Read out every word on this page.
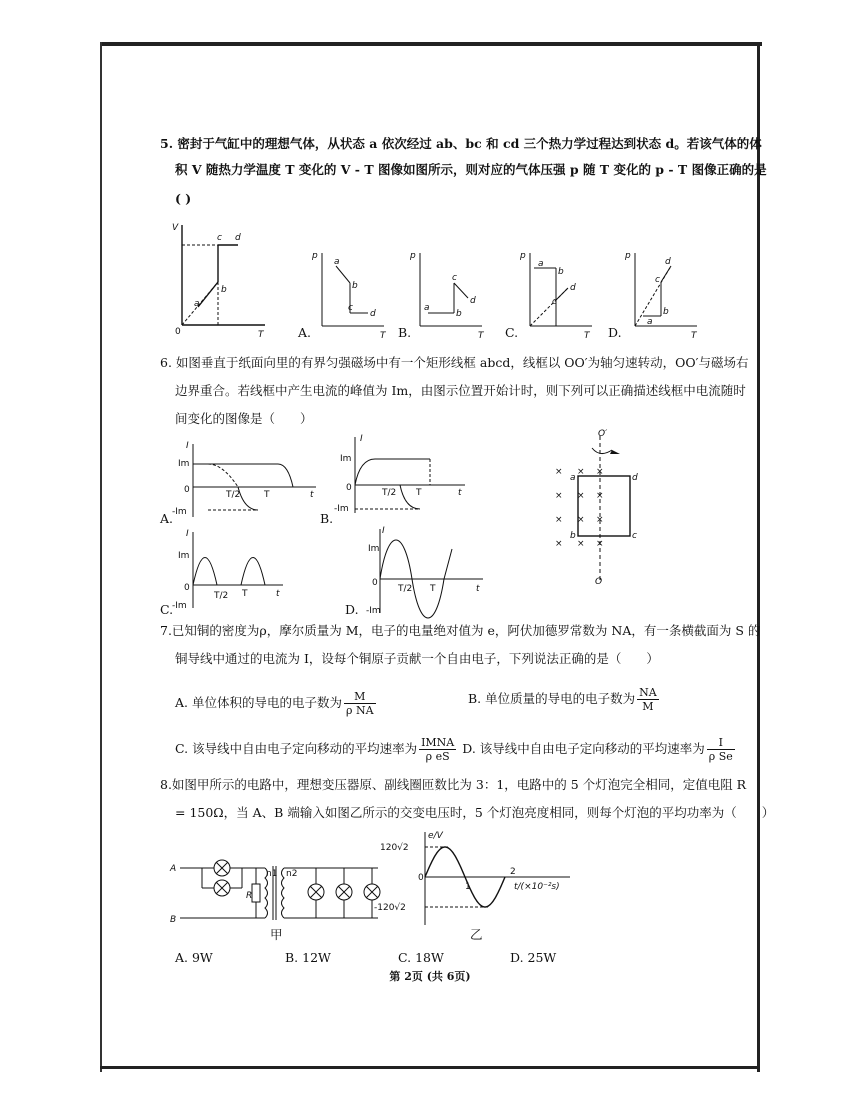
5. 密封于气缸中的理想气体，从状态 a 依次经过 ab、bc 和 cd 三个热力学过程达到状态 d。若该气体的体
积 V 随热力学温度 T 变化的 V - T 图像如图所示，则对应的气体压强 p 随 T 变化的 p - T 图像正确的是
( )
V
0	T
a
b
c d
p
a
b
c
d
T
A.
p
a
b
c
d
T
B.
p
a
b
c
d
T
C.
p
a
b
c
d
T
D.
6. 如图垂直于纸面向里的有界匀强磁场中有一个矩形线框 abcd，线框以 OO′为轴匀速转动，OO′与磁场右
边界重合。若线框中产生电流的峰值为 Im，由图示位置开始计时，则下列可以正确描述线框中电流随时
间变化的图像是（　　）
I
Im
0
-Im
T/2	T	t
A.
I
Im
0
-Im
T/2 T	t
B.
I
Im
0
-Im
T/2 T	t
C.
I
Im
0
-Im
T/2 T	t
D.
O′
O
a	d
b	c
× × ×
× × ×
× × ×
× × ×
7.已知铜的密度为ρ，摩尔质量为 M，电子的电量绝对值为 e，阿伏加德罗常数为 NA，有一条横截面为 S 的
铜导线中通过的电流为 I，设每个铜原子贡献一个自由电子，下列说法正确的是（　　）
A. 单位体积的导电的电子数为 $\frac{M}{\text{ρ NA}}$	B. 单位质量的导电的电子数为 $\frac{NA}{M}$
C. 该导线中自由电子定向移动的平均速率为 $\frac{\text{IMNA}}{\text{ρ eS}} D$. 该导线中自由电子定向移动的平均速率为 $\frac{I}{\text{ρ Se}}$
8.如图甲所示的电路中，理想变压器原、副线圈匝数比为 3：1，电路中的 5 个灯泡完全相同，定值电阻 R
= 150Ω，当 A、B 端输入如图乙所示的交变电压时，5 个灯泡亮度相同，则每个灯泡的平均功率为（　　）
A
B
R
n1 n2
甲
e/V
120√2
0
-120√2
1
2
t/(×10⁻²s)
乙
A. 9W	B. 12W	C. 18W	D. 25W
第 2页 (共 6页)
